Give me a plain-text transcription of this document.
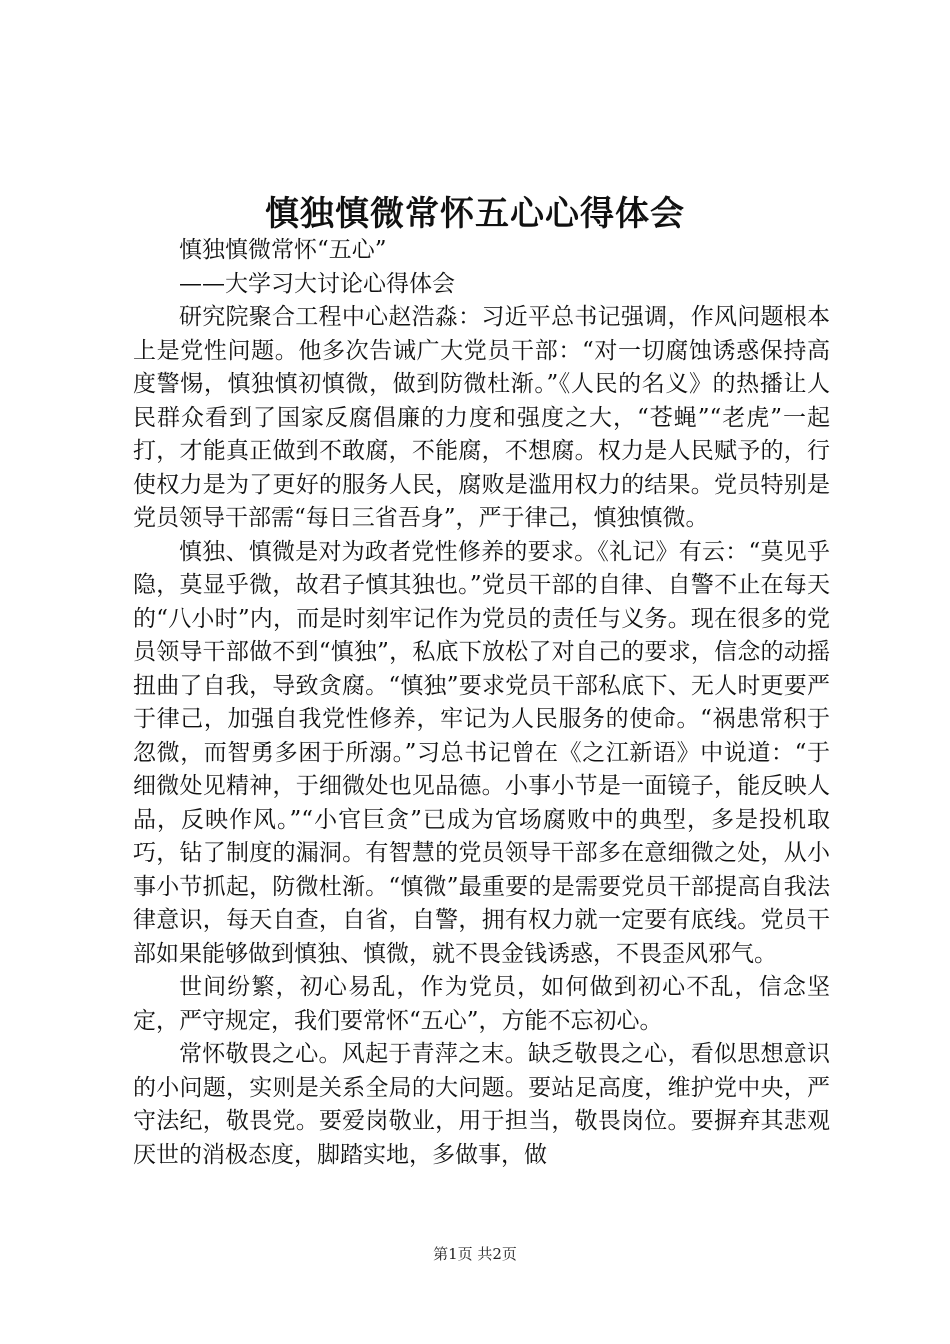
慎独慎微常怀五心心得体会

慎独慎微常怀“五心”

——大学习大讨论心得体会

研究院聚合工程中心赵浩淼：习近平总书记强调，作风问题根本上是党性问题。他多次告诫广大党员干部：“对一切腐蚀诱惑保持高度警惕，慎独慎初慎微，做到防微杜渐。”《人民的名义》的热播让人民群众看到了国家反腐倡廉的力度和强度之大，“苍蝇”“老虎”一起打，才能真正做到不敢腐，不能腐，不想腐。权力是人民赋予的，行使权力是为了更好的服务人民，腐败是滥用权力的结果。党员特别是党员领导干部需“每日三省吾身”，严于律己，慎独慎微。

慎独、慎微是对为政者党性修养的要求。《礼记》有云：“莫见乎隐，莫显乎微，故君子慎其独也。”党员干部的自律、自警不止在每天的“八小时”内，而是时刻牢记作为党员的责任与义务。现在很多的党员领导干部做不到“慎独”，私底下放松了对自己的要求，信念的动摇扭曲了自我，导致贪腐。“慎独”要求党员干部私底下、无人时更要严于律己，加强自我党性修养，牢记为人民服务的使命。“祸患常积于忽微，而智勇多困于所溺。”习总书记曾在《之江新语》中说道：“于细微处见精神，于细微处也见品德。小事小节是一面镜子，能反映人品，反映作风。”“小官巨贪”已成为官场腐败中的典型，多是投机取巧，钻了制度的漏洞。有智慧的党员领导干部多在意细微之处，从小事小节抓起，防微杜渐。“慎微”最重要的是需要党员干部提高自我法律意识，每天自查，自省，自警，拥有权力就一定要有底线。党员干部如果能够做到慎独、慎微，就不畏金钱诱惑，不畏歪风邪气。

世间纷繁，初心易乱，作为党员，如何做到初心不乱，信念坚定，严守规定，我们要常怀“五心”，方能不忘初心。

常怀敬畏之心。风起于青萍之末。缺乏敬畏之心，看似思想意识的小问题，实则是关系全局的大问题。要站足高度，维护党中央，严守法纪，敬畏党。要爱岗敬业，用于担当，敬畏岗位。要摒弃其悲观厌世的消极态度，脚踏实地，多做事，做

第1页 共2页
